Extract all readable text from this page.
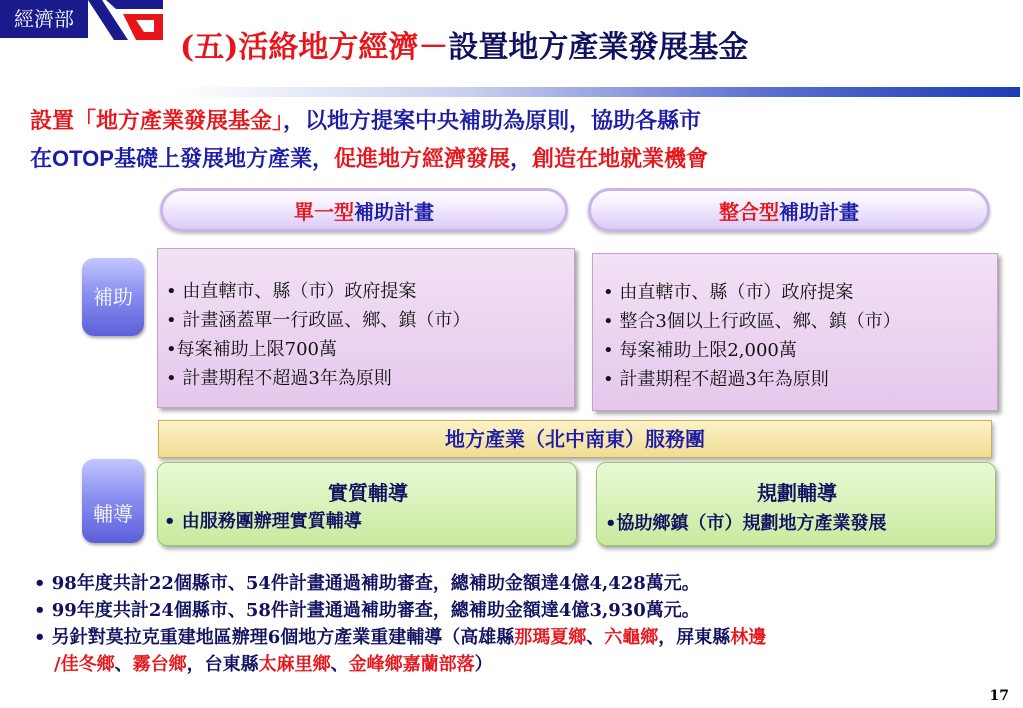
經濟部
(五)活絡地方經濟－設置地方產業發展基金
設置「地方產業發展基金」，以地方提案中央補助為原則，協助各縣市
在OTOP基礎上發展地方產業，促進地方經濟發展，創造在地就業機會
單一型補助計畫	整合型補助計畫
補助
輔導
• 由直轄市、縣（市）政府提案
• 計畫涵蓋單一行政區、鄉、鎮（市）
•每案補助上限700萬
• 計畫期程不超過3年為原則
• 由直轄市、縣（市）政府提案
• 整合3個以上行政區、鄉、鎮（市）
• 每案補助上限2,000萬
• 計畫期程不超過3年為原則
地方產業（北中南東）服務團
實質輔導
• 由服務團辦理實質輔導
規劃輔導
•協助鄉鎮（市）規劃地方產業發展
• 98年度共計22個縣市、54件計畫通過補助審查，總補助金額達4億4,428萬元。
• 99年度共計24個縣市、58件計畫通過補助審查，總補助金額達4億3,930萬元。
• 另針對莫拉克重建地區辦理6個地方產業重建輔導（高雄縣那瑪夏鄉、六龜鄉，屏東縣林邊
/佳冬鄉、霧台鄉，台東縣太麻里鄉、金峰鄉嘉蘭部落）
17
